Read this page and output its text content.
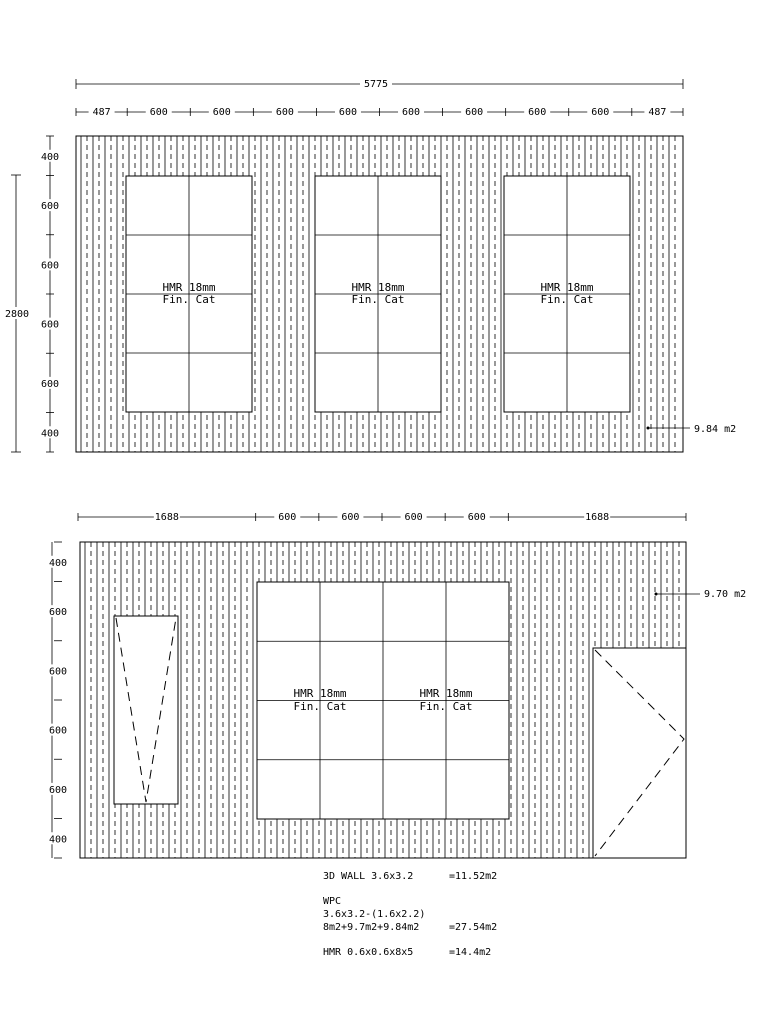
5775
487	600	600	600	600	600	600	600	600	487
400
600
600
600
600
400
2800
HMR 18mm
Fin. Cat
HMR 18mm
Fin. Cat
HMR 18mm
Fin. Cat
9.84 m2
1688	600	600	600	600	1688
400
600
600
600
600
400
HMR 18mm
Fin. Cat
HMR 18mm
Fin. Cat
9.70 m2
3D WALL 3.6x3.2	=11.52m2
WPC
3.6x3.2-(1.6x2.2)
8m2+9.7m2+9.84m2	=27.54m2
HMR 0.6x0.6x8x5	=14.4m2
